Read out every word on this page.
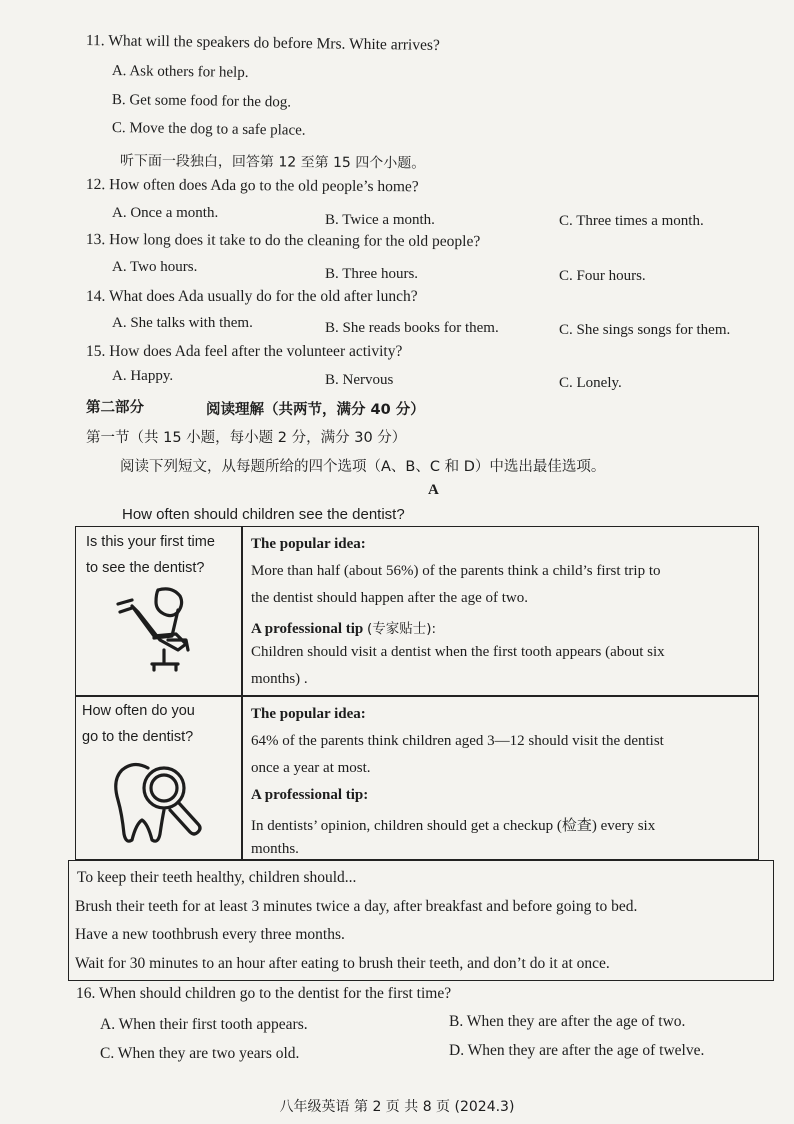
11. What will the speakers do before Mrs. White arrives?
A. Ask others for help.
B. Get some food for the dog.
C. Move the dog to a safe place.
听下面一段独白，回答第 12 至第 15 四个小题。
12. How often does Ada go to the old people’s home?
A. Once a month.	B. Twice a month.	C. Three times a month.
13. How long does it take to do the cleaning for the old people?
A. Two hours.	B. Three hours.	C. Four hours.
14. What does Ada usually do for the old after lunch?
A. She talks with them.	B. She reads books for them.	C. She sings songs for them.
15. How does Ada feel after the volunteer activity?
A. Happy.	B. Nervous	C. Lonely.
第二部分	阅读理解（共两节，满分 40 分）
第一节（共 15 小题，每小题 2 分，满分 30 分）
阅读下列短文，从每题所给的四个选项（A、B、C 和 D）中选出最佳选项。
A
How often should children see the dentist?
Is this your first time
to see the dentist?
The popular idea:
More than half (about 56%) of the parents think a child’s first trip to
the dentist should happen after the age of two.
A professional tip (专家贴士):
Children should visit a dentist when the first tooth appears (about six
months) .
How often do you
go to the dentist?
The popular idea:
64% of the parents think children aged 3—12 should visit the dentist
once a year at most.
A professional tip:
In dentists’ opinion, children should get a checkup (检查) every six
months.
To keep their teeth healthy, children should...
Brush their teeth for at least 3 minutes twice a day, after breakfast and before going to bed.
Have a new toothbrush every three months.
Wait for 30 minutes to an hour after eating to brush their teeth, and don’t do it at once.
16. When should children go to the dentist for the first time?
A. When their first tooth appears.	B. When they are after the age of two.
C. When they are two years old.	D. When they are after the age of twelve.
八年级英语 第 2 页 共 8 页 (2024.3)
